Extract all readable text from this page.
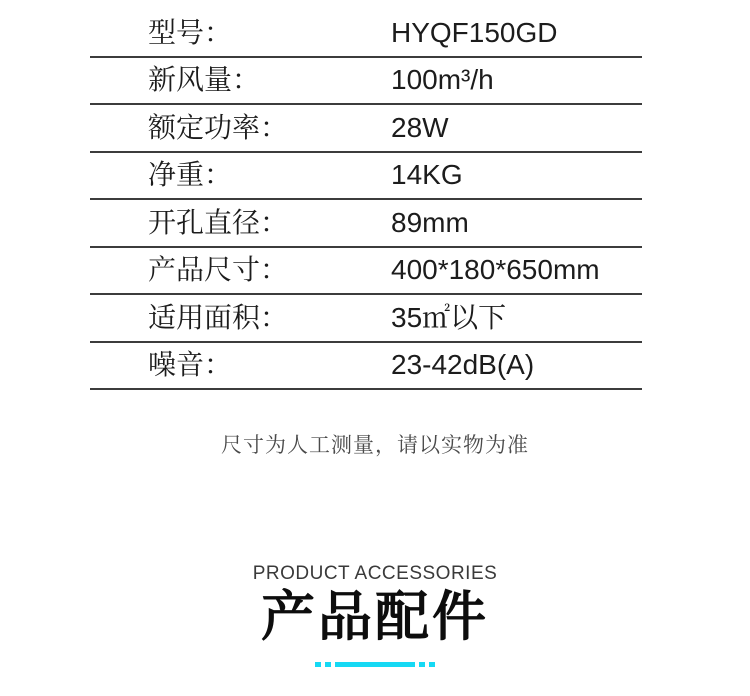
型号：	HYQF150GD
新风量：	100m³/h
额定功率：	28W
净重：	14KG
开孔直径：	89mm
产品尺寸：	400*180*650mm
适用面积：	35㎡以下
噪音：	23-42dB(A)
尺寸为人工测量，请以实物为准
PRODUCT ACCESSORIES
产品配件
